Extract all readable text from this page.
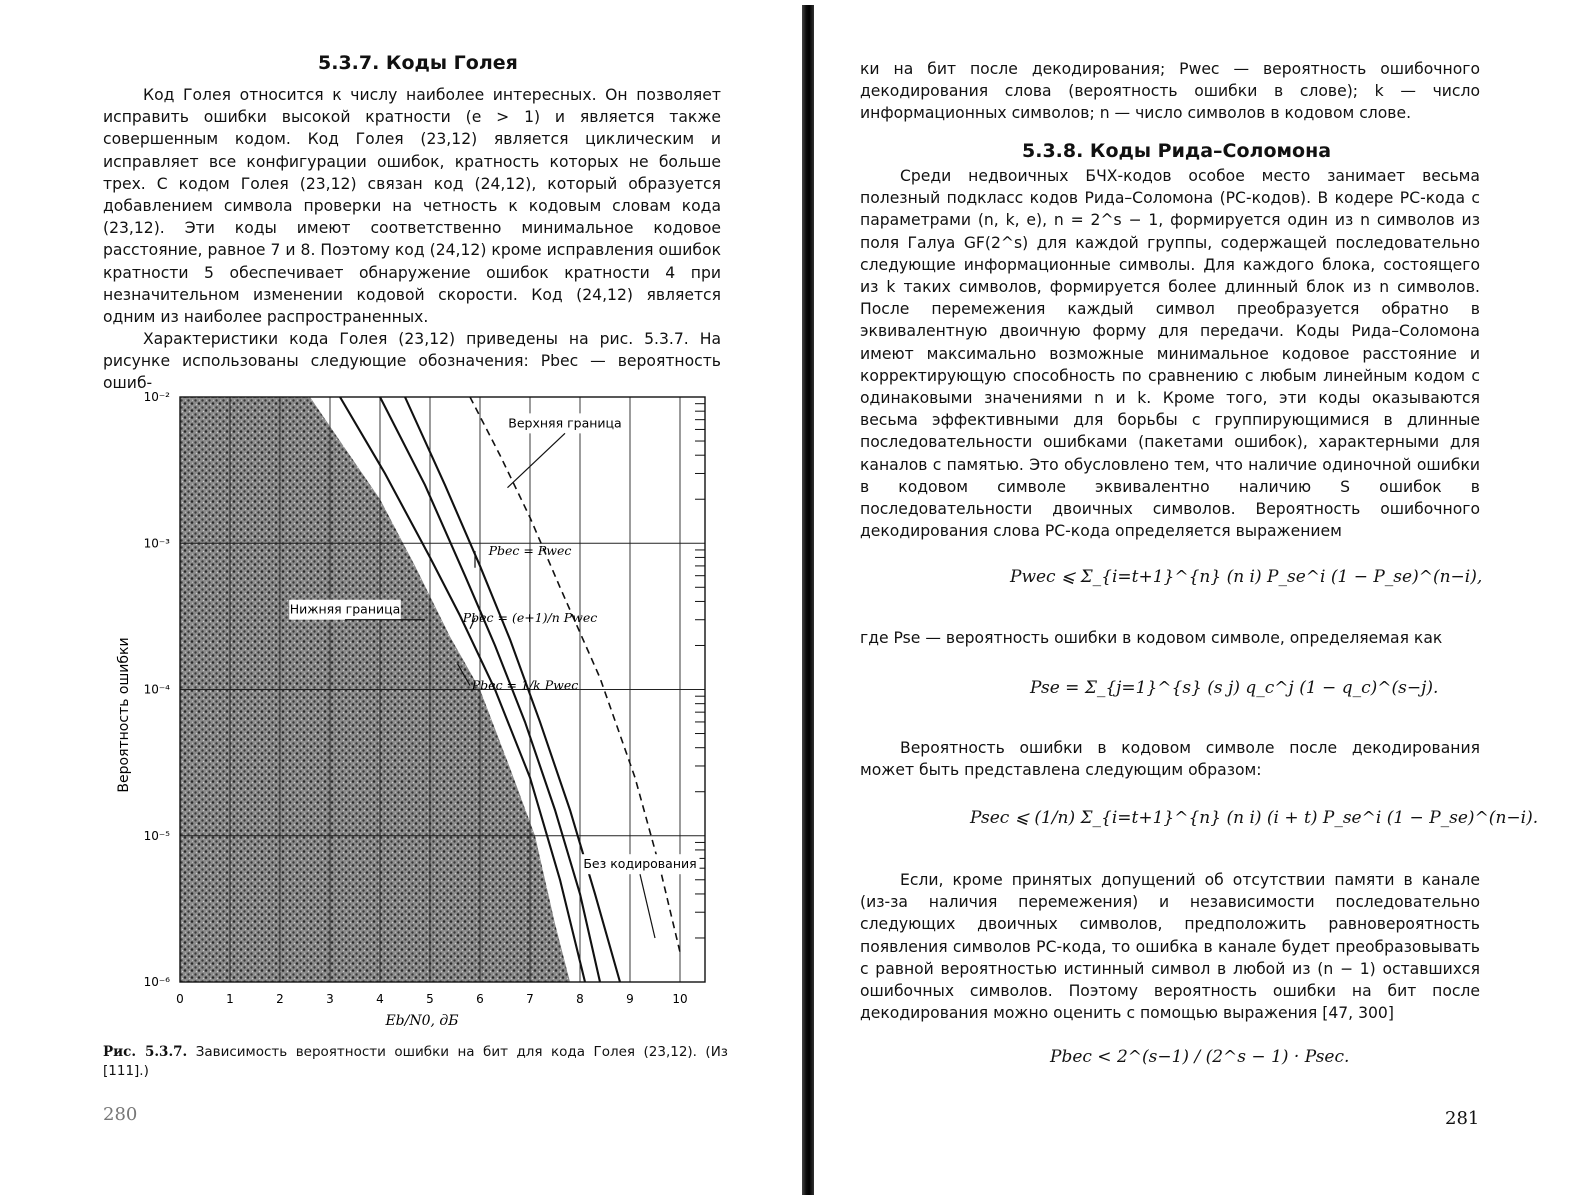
5.3.7. Коды Голея

Код Голея относится к числу наиболее интересных. Он позволяет исправить ошибки высокой кратности (e > 1) и является также совершенным кодом. Код Голея (23,12) является циклическим и исправляет все конфигурации ошибок, кратность которых не больше трех. С кодом Голея (23,12) связан код (24,12), который образуется добавлением символа проверки на четность к кодовым словам кода (23,12). Эти коды имеют соответственно минимальное кодовое расстояние, равное 7 и 8. Поэтому код (24,12) кроме исправления ошибок кратности 5 обеспечивает обнаружение ошибок кратности 4 при незначительном изменении кодовой скорости. Код (24,12) является одним из наиболее распространенных.

Характеристики кода Голея (23,12) приведены на рис. 5.3.7. На рисунке использованы следующие обозначения: Pbec — вероятность ошиб-

0	1	2	3	4	5	6	7	8	9	10
10⁻²
10⁻³
10⁻⁴
10⁻⁵
10⁻⁶
Верхняя граница
Pbec = Pwec
Нижняя граница
Pbec = (e+1)/n Pwec
Pbec = 1/k Pwec
Без кодирования
Вероятность ошибки
Eb/N0, дБ
Рис. 5.3.7. Зависимость вероятности ошибки на бит для кода Голея (23,12). (Из [111].)
280

ки на бит после декодирования; Pwec — вероятность ошибочного декодирования слова (вероятность ошибки в слове); k — число информационных символов; n — число символов в кодовом слове.

5.3.8. Коды Рида–Соломона

Среди недвоичных БЧХ-кодов особое место занимает весьма полезный подкласс кодов Рида–Соломона (РС-кодов). В кодере РС-кода с параметрами (n, k, e), n = 2^s − 1, формируется один из n символов из поля Галуа GF(2^s) для каждой группы, содержащей последовательно следующие информационные символы. Для каждого блока, состоящего из k таких символов, формируется более длинный блок из n символов. После перемежения каждый символ преобразуется обратно в эквивалентную двоичную форму для передачи. Коды Рида–Соломона имеют максимально возможные минимальное кодовое расстояние и корректирующую способность по сравнению с любым линейным кодом с одинаковыми значениями n и k. Кроме того, эти коды оказываются весьма эффективными для борьбы с группирующимися в длинные последовательности ошибками (пакетами ошибок), характерными для каналов с памятью. Это обусловлено тем, что наличие одиночной ошибки в кодовом символе эквивалентно наличию S ошибок в последовательности двоичных символов. Вероятность ошибочного декодирования слова РС-кода определяется выражением

Pwec ⩽ Σ_{i=t+1}^{n} (n i) P_se^i (1 − P_se)^(n−i),

где Pse — вероятность ошибки в кодовом символе, определяемая как

Pse = Σ_{j=1}^{s} (s j) q_c^j (1 − q_c)^(s−j).

Вероятность ошибки в кодовом символе после декодирования может быть представлена следующим образом:

Psec ⩽ (1/n) Σ_{i=t+1}^{n} (n i) (i + t) P_se^i (1 − P_se)^(n−i).

Если, кроме принятых допущений об отсутствии памяти в канале (из-за наличия перемежения) и независимости последовательно следующих двоичных символов, предположить равновероятность появления символов РС-кода, то ошибка в канале будет преобразовывать с равной вероятностью истинный символ в любой из (n − 1) оставшихся ошибочных символов. Поэтому вероятность ошибки на бит после декодирования можно оценить с помощью выражения [47, 300]

Pbec < 2^(s−1) / (2^s − 1) · Psec.
281
